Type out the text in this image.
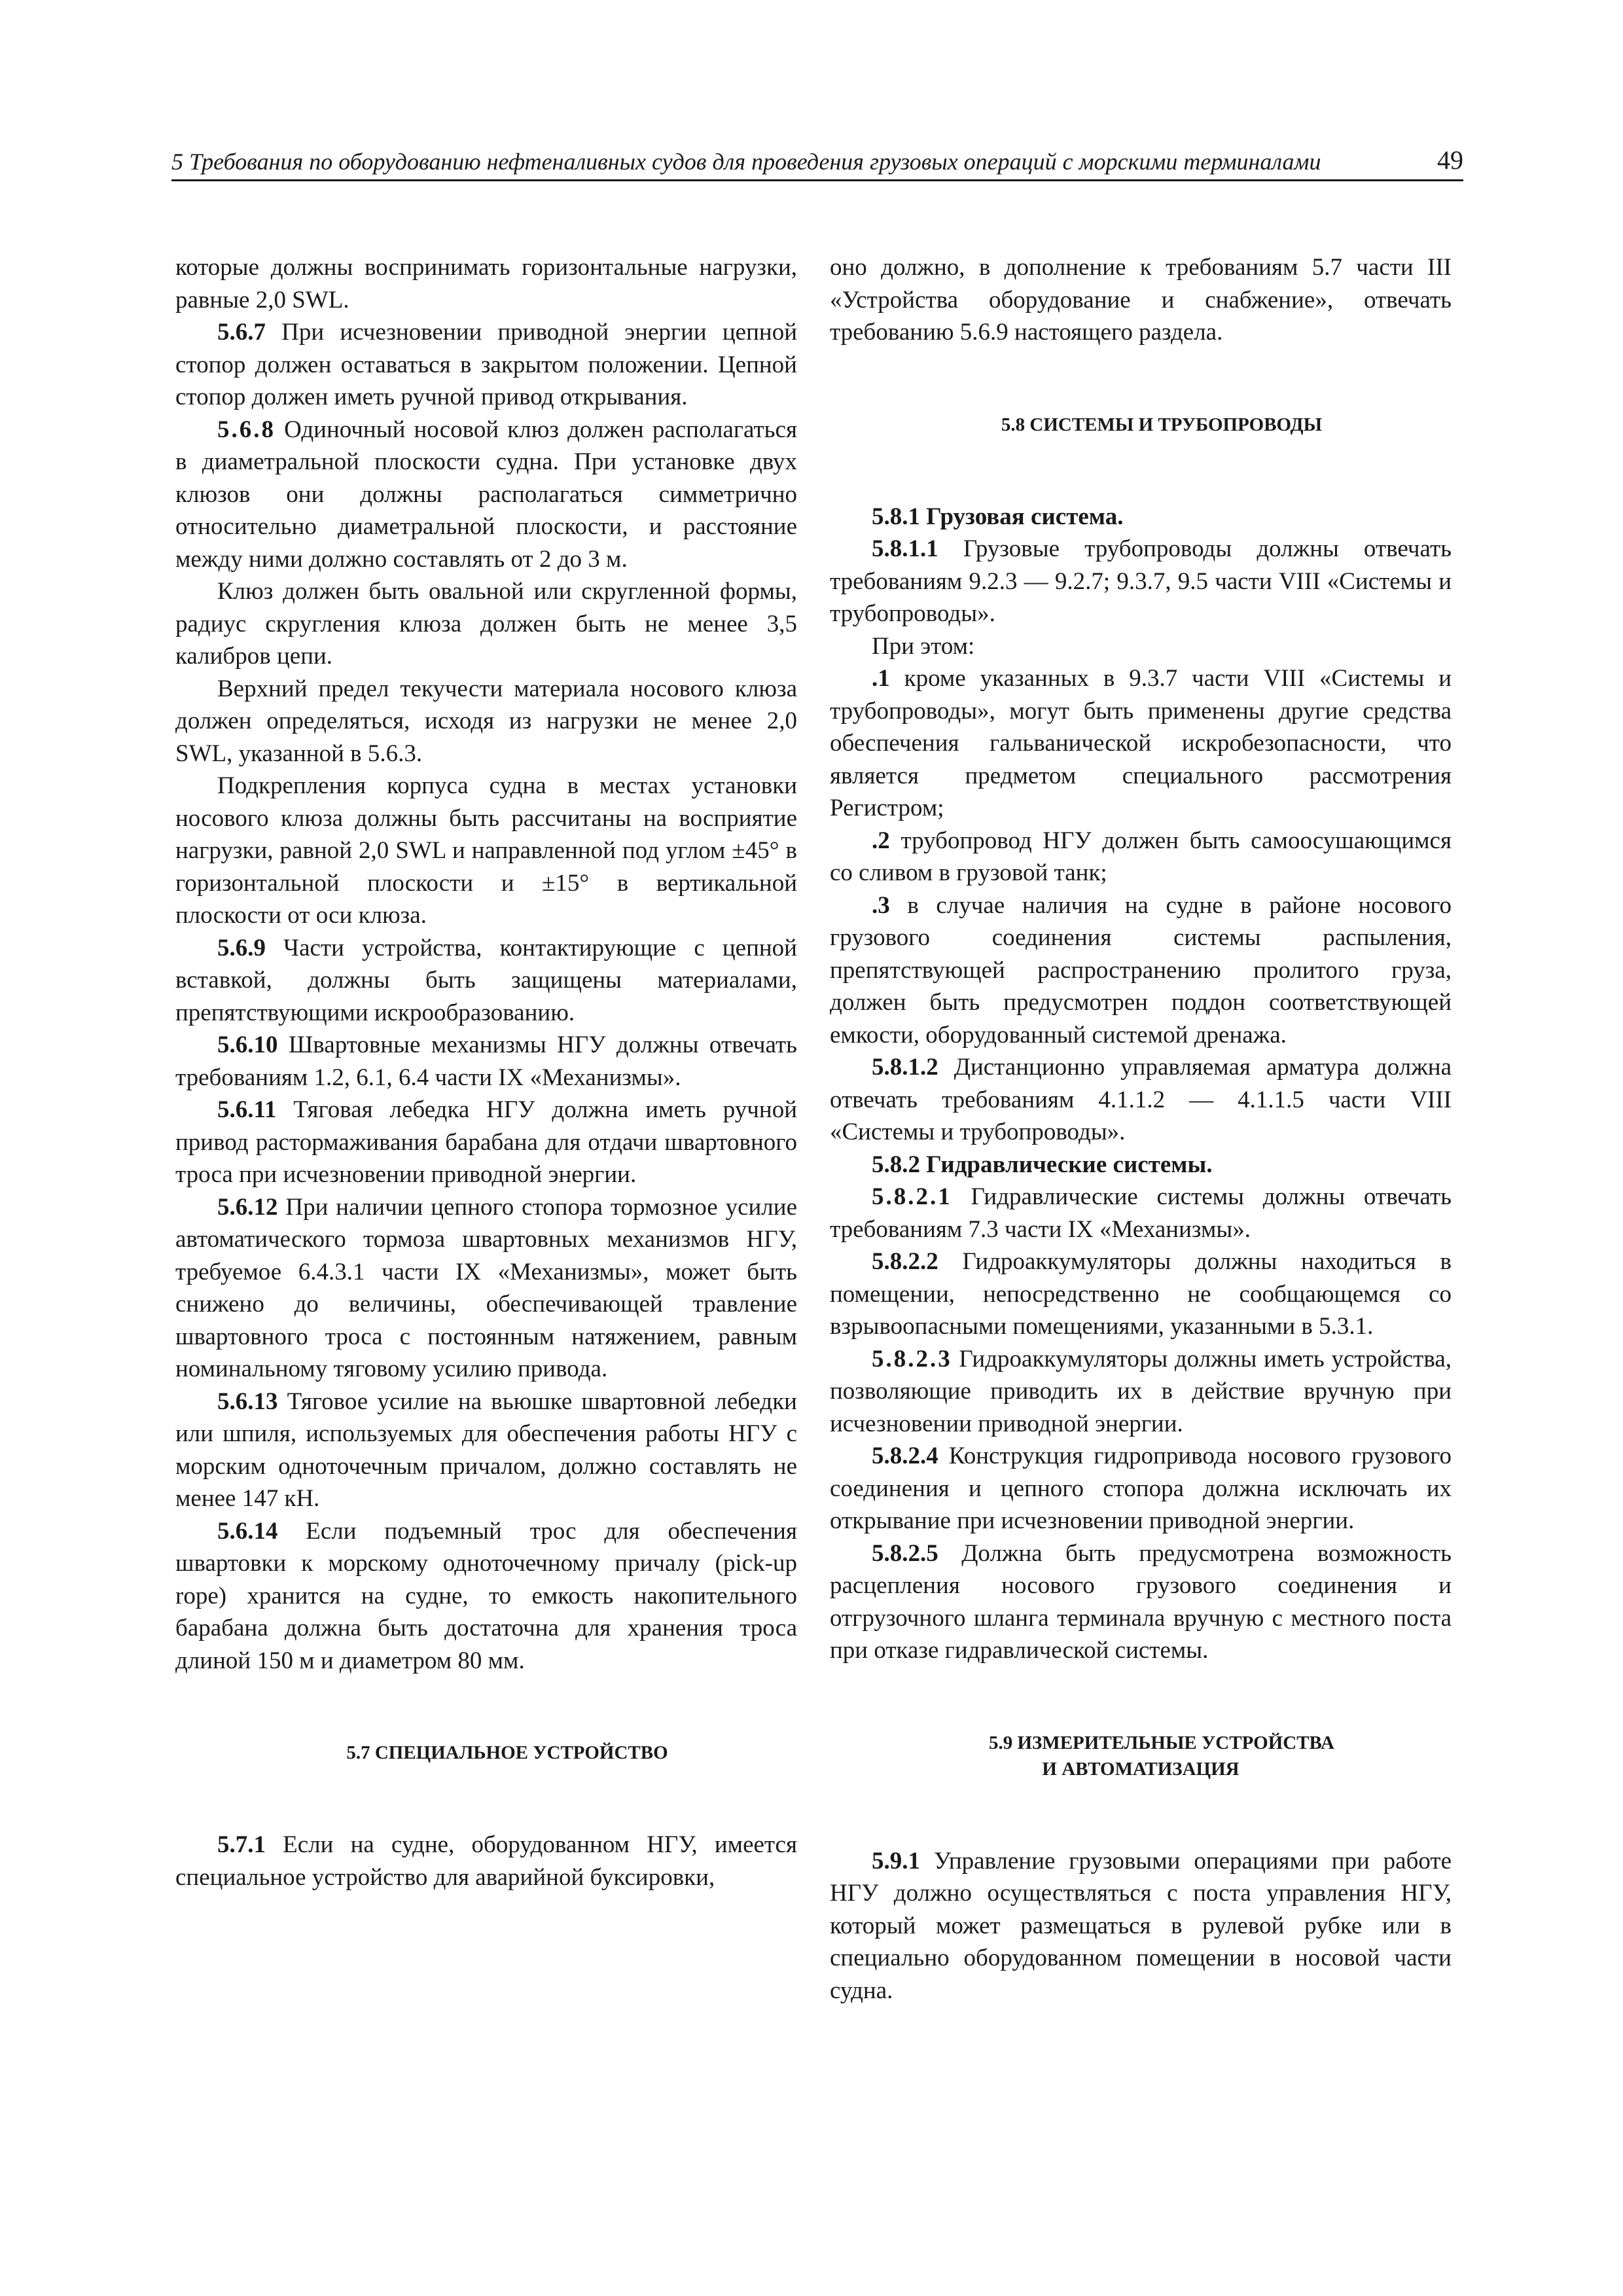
5 Требования по оборудованию нефтеналивных судов для проведения грузовых операций с морскими терминалами	49

которые должны воспринимать горизонтальные нагрузки, равные 2,0 SWL.

5.6.7 При исчезновении приводной энергии цепной стопор должен оставаться в закрытом положении. Цепной стопор должен иметь ручной привод открывания.

5.6.8 Одиночный носовой клюз должен располагаться в диаметральной плоскости судна. При установке двух клюзов они должны располагаться симметрично относительно диаметральной плоскости, и расстояние между ними должно составлять от 2 до 3 м.

Клюз должен быть овальной или скругленной формы, радиус скругления клюза должен быть не менее 3,5 калибров цепи.

Верхний предел текучести материала носового клюза должен определяться, исходя из нагрузки не менее 2,0 SWL, указанной в 5.6.3.

Подкрепления корпуса судна в местах установки носового клюза должны быть рассчитаны на восприятие нагрузки, равной 2,0 SWL и направленной под углом ±45° в горизонтальной плоскости и ±15° в вертикальной плоскости от оси клюза.

5.6.9 Части устройства, контактирующие с цепной вставкой, должны быть защищены материалами, препятствующими искрообразованию.

5.6.10 Швартовные механизмы НГУ должны отвечать требованиям 1.2, 6.1, 6.4 части IX «Механизмы».

5.6.11 Тяговая лебедка НГУ должна иметь ручной привод растормаживания барабана для отдачи швартовного троса при исчезновении приводной энергии.

5.6.12 При наличии цепного стопора тормозное усилие автоматического тормоза швартовных механизмов НГУ, требуемое 6.4.3.1 части IX «Механизмы», может быть снижено до величины, обеспечивающей травление швартовного троса с постоянным натяжением, равным номинальному тяговому усилию привода.

5.6.13 Тяговое усилие на вьюшке швартовной лебедки или шпиля, используемых для обеспечения работы НГУ с морским одноточечным причалом, должно составлять не менее 147 кН.

5.6.14 Если подъемный трос для обеспечения швартовки к морскому одноточечному причалу (pick-up rope) хранится на судне, то емкость накопительного барабана должна быть достаточна для хранения троса длиной 150 м и диаметром 80 мм.

5.7 СПЕЦИАЛЬНОЕ УСТРОЙСТВО

5.7.1 Если на судне, оборудованном НГУ, имеется специальное устройство для аварийной буксировки,

оно должно, в дополнение к требованиям 5.7 части III «Устройства оборудование и снабжение», отвечать требованию 5.6.9 настоящего раздела.

5.8 СИСТЕМЫ И ТРУБОПРОВОДЫ

5.8.1 Грузовая система.

5.8.1.1 Грузовые трубопроводы должны отвечать требованиям 9.2.3 — 9.2.7; 9.3.7, 9.5 части VIII «Системы и трубопроводы».

При этом:

.1 кроме указанных в 9.3.7 части VIII «Системы и трубопроводы», могут быть применены другие средства обеспечения гальванической искробезопасности, что является предметом специального рассмотрения Регистром;

.2 трубопровод НГУ должен быть самоосушающимся со сливом в грузовой танк;

.3 в случае наличия на судне в районе носового грузового соединения системы распыления, препятствующей распространению пролитого груза, должен быть предусмотрен поддон соответствующей емкости, оборудованный системой дренажа.

5.8.1.2 Дистанционно управляемая арматура должна отвечать требованиям 4.1.1.2 — 4.1.1.5 части VIII «Системы и трубопроводы».

5.8.2 Гидравлические системы.

5.8.2.1 Гидравлические системы должны отвечать требованиям 7.3 части IX «Механизмы».

5.8.2.2 Гидроаккумуляторы должны находиться в помещении, непосредственно не сообщающемся со взрывоопасными помещениями, указанными в 5.3.1.

5.8.2.3 Гидроаккумуляторы должны иметь устройства, позволяющие приводить их в действие вручную при исчезновении приводной энергии.

5.8.2.4 Конструкция гидропривода носового грузового соединения и цепного стопора должна исключать их открывание при исчезновении приводной энергии.

5.8.2.5 Должна быть предусмотрена возможность расцепления носового грузового соединения и отгрузочного шланга терминала вручную с местного поста при отказе гидравлической системы.

5.9 ИЗМЕРИТЕЛЬНЫЕ УСТРОЙСТВА
И АВТОМАТИЗАЦИЯ

5.9.1 Управление грузовыми операциями при работе НГУ должно осуществляться с поста управления НГУ, который может размещаться в рулевой рубке или в специально оборудованном помещении в носовой части судна.
